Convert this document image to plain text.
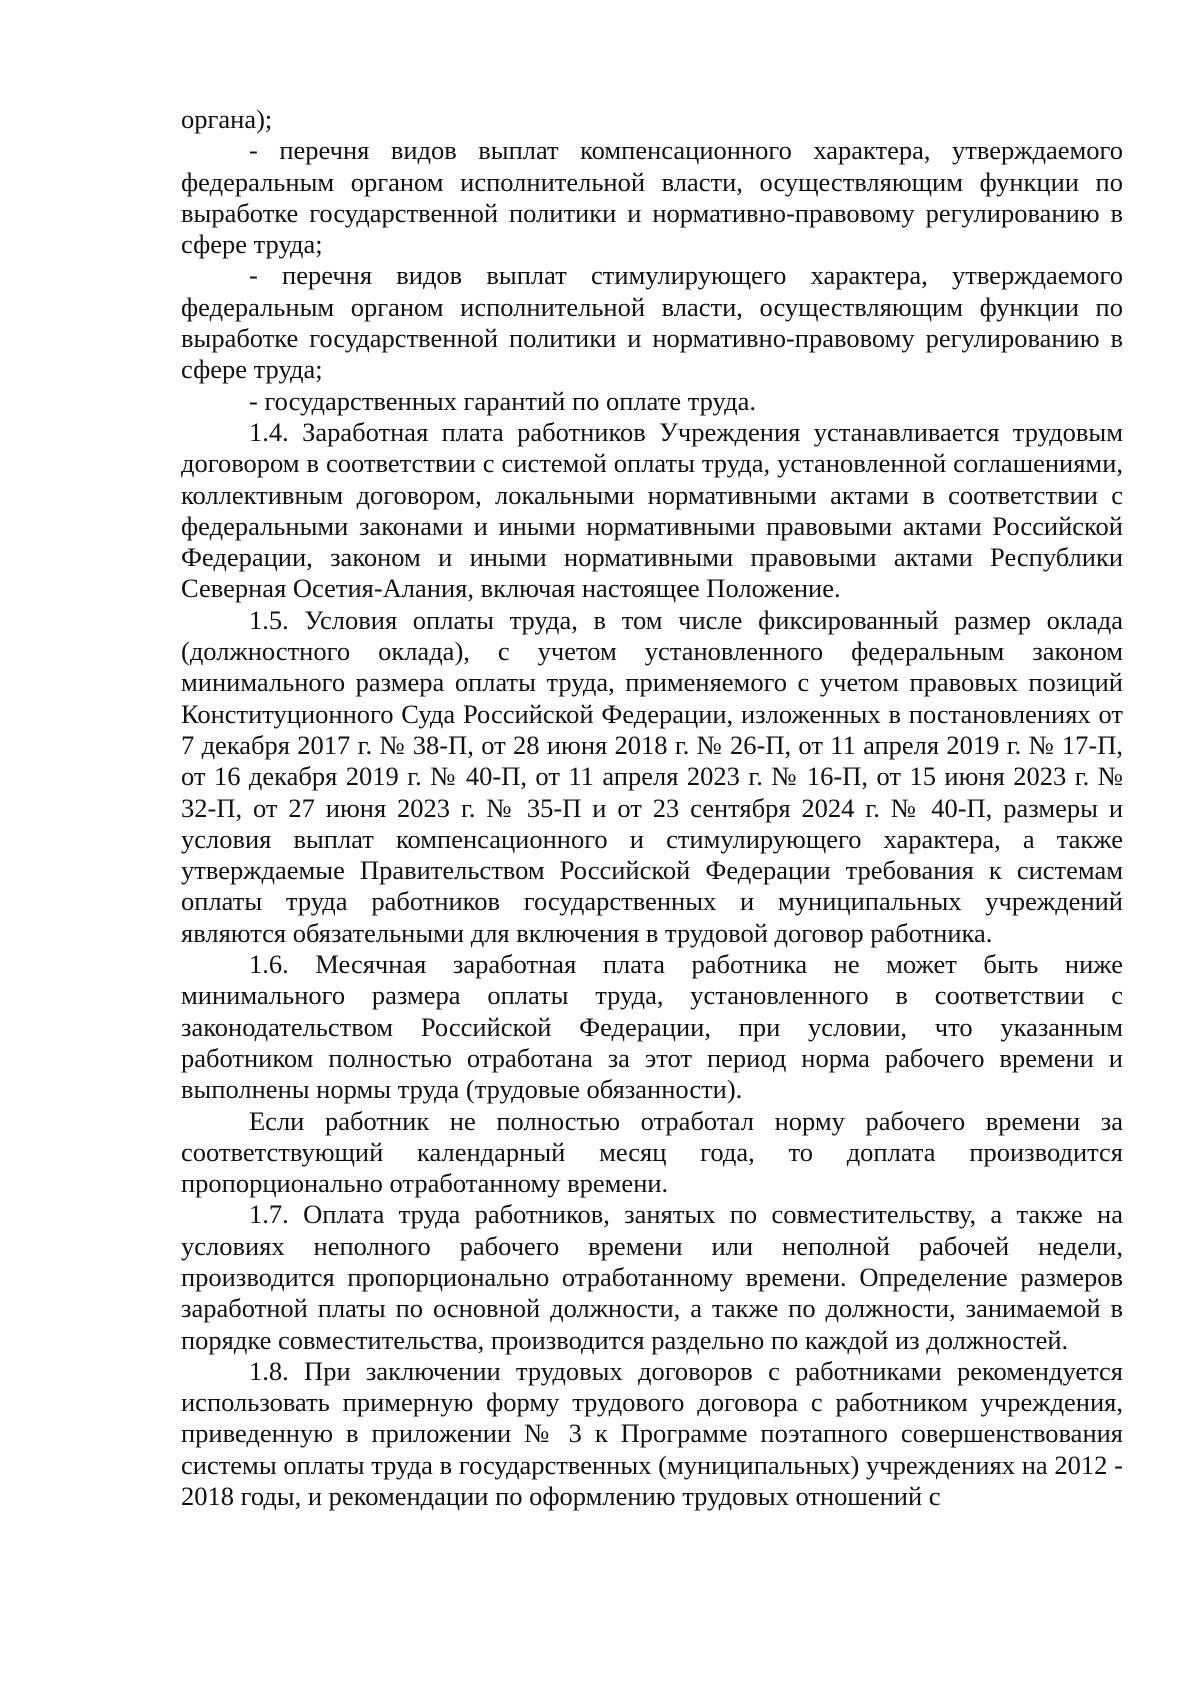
органа);

- перечня видов выплат компенсационного характера, утверждаемого федеральным органом исполнительной власти, осуществляющим функции по выработке государственной политики и нормативно-правовому регулированию в сфере труда;

- перечня видов выплат стимулирующего характера, утверждаемого федеральным органом исполнительной власти, осуществляющим функции по выработке государственной политики и нормативно-правовому регулированию в сфере труда;

- государственных гарантий по оплате труда.

1.4. Заработная плата работников Учреждения устанавливается трудовым договором в соответствии с системой оплаты труда, установленной соглашениями, коллективным договором, локальными нормативными актами в соответствии с федеральными законами и иными нормативными правовыми актами Российской Федерации, законом и иными нормативными правовыми актами Республики Северная Осетия-Алания, включая настоящее Положение.

1.5. Условия оплаты труда, в том числе фиксированный размер оклада (должностного оклада), с учетом установленного федеральным законом минимального размера оплаты труда, применяемого с учетом правовых позиций Конституционного Суда Российской Федерации, изложенных в постановлениях от 7 декабря 2017 г. № 38-П, от 28 июня 2018 г. № 26-П, от 11 апреля 2019 г. № 17-П, от 16 декабря 2019 г. № 40-П, от 11 апреля 2023 г. № 16-П, от 15 июня 2023 г. № 32-П, от 27 июня 2023 г. № 35-П и от 23 сентября 2024 г. № 40-П, размеры и условия выплат компенсационного и стимулирующего характера, а также утверждаемые Правительством Российской Федерации требования к системам оплаты труда работников государственных и муниципальных учреждений являются обязательными для включения в трудовой договор работника.

1.6. Месячная заработная плата работника не может быть ниже минимального размера оплаты труда, установленного в соответствии с законодательством Российской Федерации, при условии, что указанным работником полностью отработана за этот период норма рабочего времени и выполнены нормы труда (трудовые обязанности).

Если работник не полностью отработал норму рабочего времени за соответствующий календарный месяц года, то доплата производится пропорционально отработанному времени.

1.7. Оплата труда работников, занятых по совместительству, а также на условиях неполного рабочего времени или неполной рабочей недели, производится пропорционально отработанному времени. Определение размеров заработной платы по основной должности, а также по должности, занимаемой в порядке совместительства, производится раздельно по каждой из должностей.

1.8. При заключении трудовых договоров с работниками рекомендуется использовать примерную форму трудового договора с работником учреждения, приведенную в приложении № 3 к Программе поэтапного совершенствования системы оплаты труда в государственных (муниципальных) учреждениях на 2012 - 2018 годы, и рекомендации по оформлению трудовых отношений с
